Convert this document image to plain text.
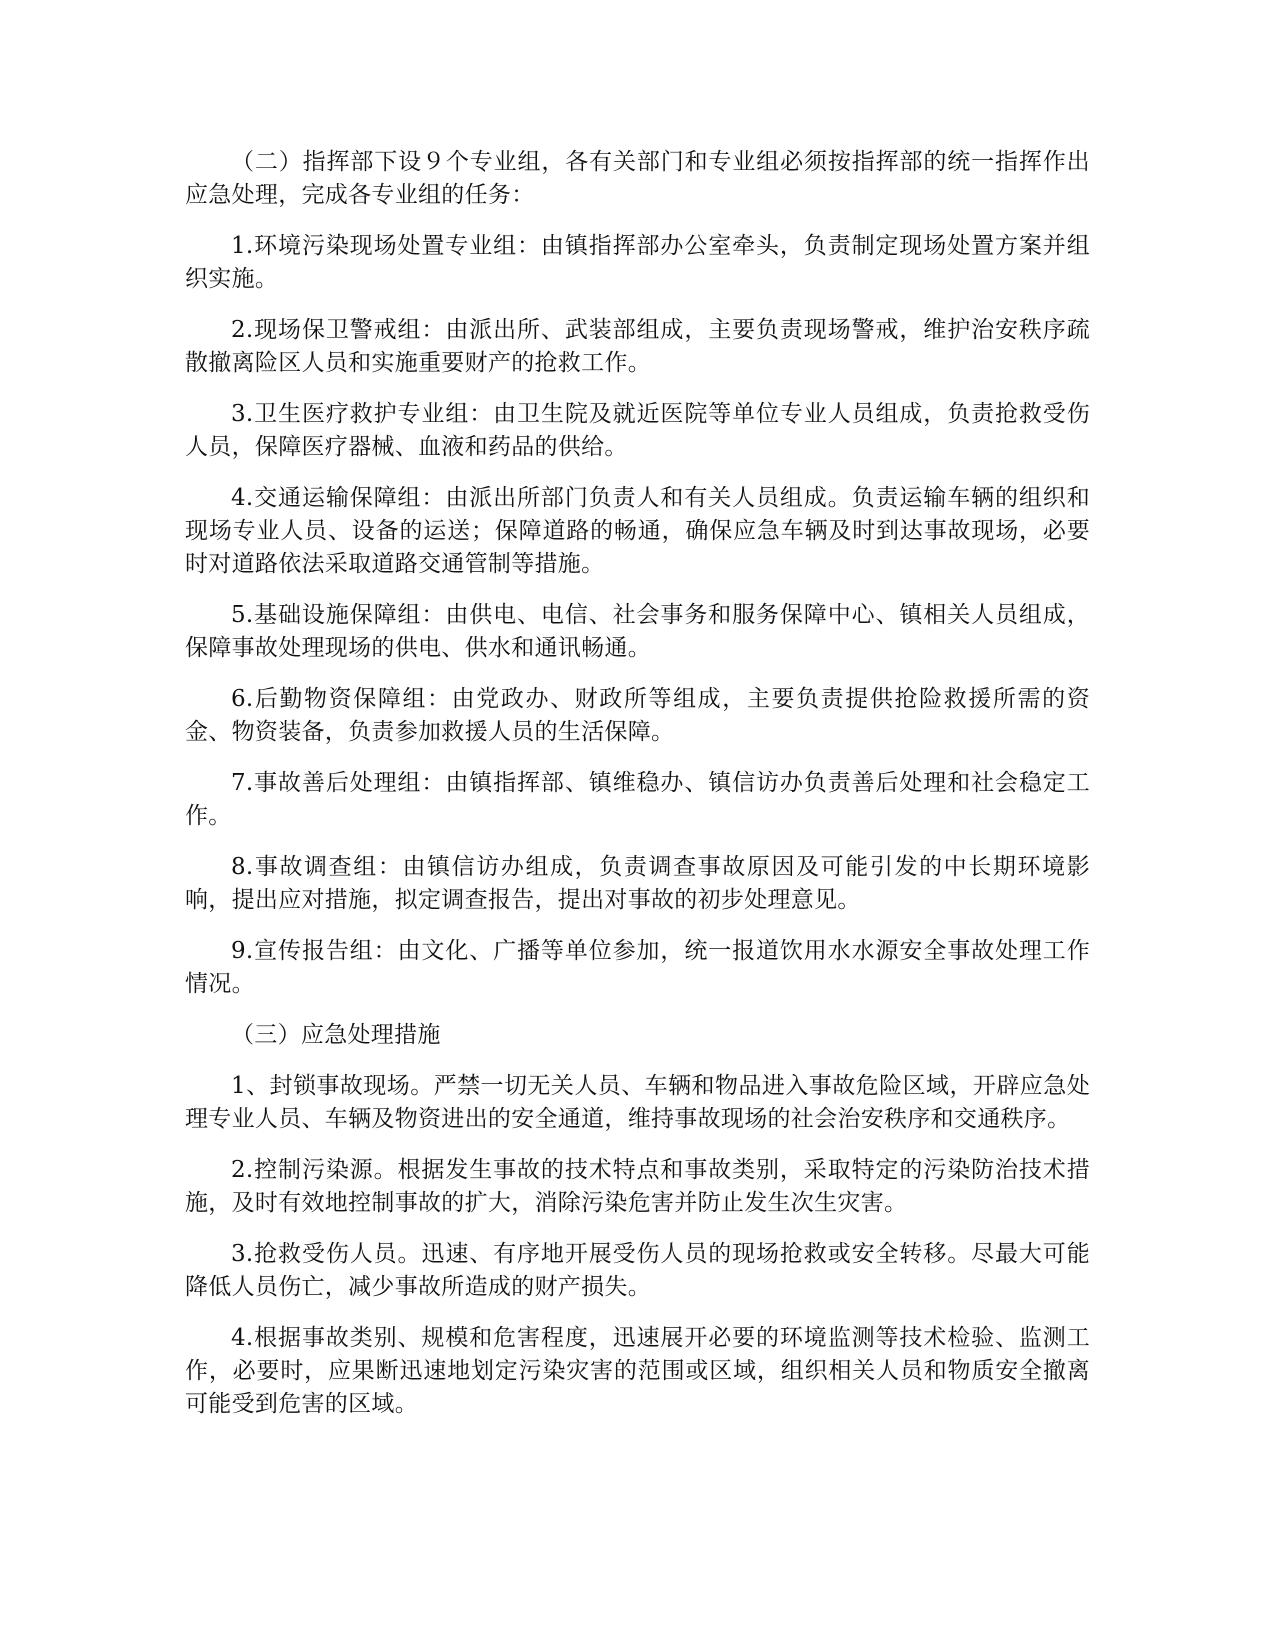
（二）指挥部下设９个专业组，各有关部门和专业组必须按指挥部的统一指挥作出应急处理，完成各专业组的任务：

1.环境污染现场处置专业组：由镇指挥部办公室牵头，负责制定现场处置方案并组织实施。

2.现场保卫警戒组：由派出所、武装部组成，主要负责现场警戒，维护治安秩序疏散撤离险区人员和实施重要财产的抢救工作。

3.卫生医疗救护专业组：由卫生院及就近医院等单位专业人员组成，负责抢救受伤人员，保障医疗器械、血液和药品的供给。

4.交通运输保障组：由派出所部门负责人和有关人员组成。负责运输车辆的组织和现场专业人员、设备的运送；保障道路的畅通，确保应急车辆及时到达事故现场，必要时对道路依法采取道路交通管制等措施。

5.基础设施保障组：由供电、电信、社会事务和服务保障中心、镇相关人员组成，保障事故处理现场的供电、供水和通讯畅通。

6.后勤物资保障组：由党政办、财政所等组成，主要负责提供抢险救援所需的资金、物资装备，负责参加救援人员的生活保障。

7.事故善后处理组：由镇指挥部、镇维稳办、镇信访办负责善后处理和社会稳定工作。

8.事故调查组：由镇信访办组成，负责调查事故原因及可能引发的中长期环境影响，提出应对措施，拟定调查报告，提出对事故的初步处理意见。

9.宣传报告组：由文化、广播等单位参加，统一报道饮用水水源安全事故处理工作情况。

（三）应急处理措施

1、封锁事故现场。严禁一切无关人员、车辆和物品进入事故危险区域，开辟应急处理专业人员、车辆及物资进出的安全通道，维持事故现场的社会治安秩序和交通秩序。

2.控制污染源。根据发生事故的技术特点和事故类别，采取特定的污染防治技术措施，及时有效地控制事故的扩大，消除污染危害并防止发生次生灾害。

3.抢救受伤人员。迅速、有序地开展受伤人员的现场抢救或安全转移。尽最大可能降低人员伤亡，减少事故所造成的财产损失。

4.根据事故类别、规模和危害程度，迅速展开必要的环境监测等技术检验、监测工作，必要时，应果断迅速地划定污染灾害的范围或区域，组织相关人员和物质安全撤离可能受到危害的区域。
